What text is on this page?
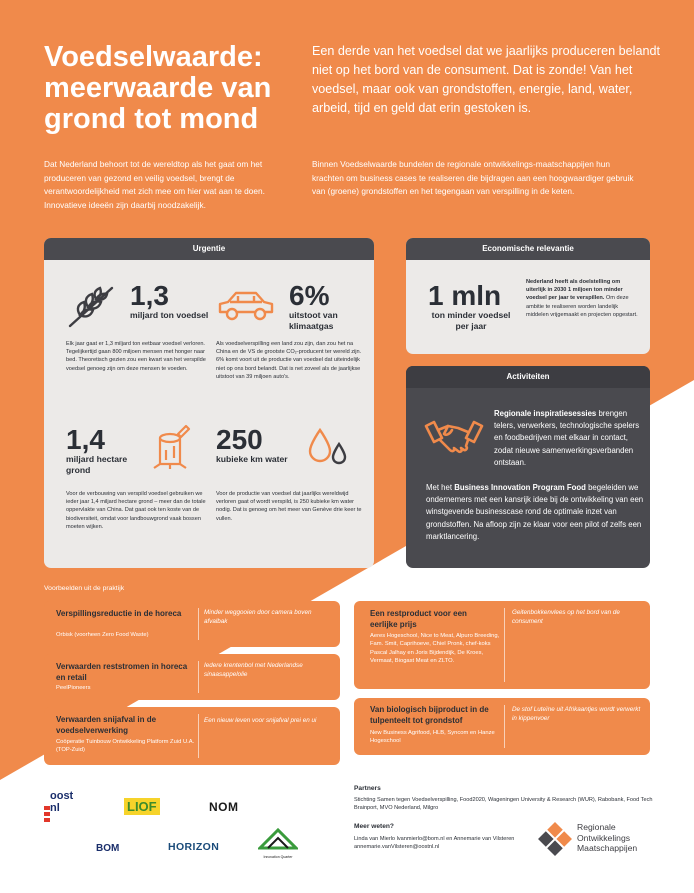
Voedselwaarde: meerwaarde van grond tot mond
Een derde van het voedsel dat we jaarlijks produceren belandt niet op het bord van de consument. Dat is zonde! Van het voedsel, maar ook van grondstoffen, energie, land, water, arbeid, tijd en geld dat erin gestoken is.
Dat Nederland behoort tot de wereldtop als het gaat om het produceren van gezond en veilig voedsel, brengt de verantwoordelijkheid met zich mee om hier wat aan te doen. Innovatieve ideeën zijn daarbij noodzakelijk.
Binnen Voedselwaarde bundelen de regionale ontwikkelings-maatschappijen hun krachten om business cases te realiseren die bijdragen aan een hoogwaardiger gebruik van (groene) grondstoffen en het tegengaan van verspilling in de keten.
Urgentie
1,3
miljard ton voedsel
Elk jaar gaat er 1,3 miljard ton eetbaar voedsel verloren. Tegelijkertijd gaan 800 miljoen mensen met honger naar bed. Theoretisch gezien zou een kwart van het verspilde voedsel genoeg zijn om deze mensen te voeden.
6%
uitstoot van klimaatgas
Als voedselverspilling een land zou zijn, dan zou het na China en de VS de grootste CO₂-producent ter wereld zijn. 6% komt voort uit de productie van voedsel dat uiteindelijk niet op ons bord belandt. Dat is net zoveel als de jaarlijkse uitstoot van 39 miljoen auto's.
1,4
miljard hectare grond
Voor de verbouwing van verspild voedsel gebruiken we ieder jaar 1,4 miljard hectare grond – meer dan de totale oppervlakte van China. Dat gaat ook ten koste van de biodiversiteit, omdat voor landbouwgrond vaak bossen moeten wijken.
250
kubieke km water
Voor de productie van voedsel dat jaarlijks wereldwijd verloren gaat of wordt verspild, is 250 kubieke km water nodig. Dat is genoeg om het meer van Genève drie keer te vullen.
Economische relevantie
1 mln
ton minder voedsel per jaar
Nederland heeft als doelstelling om uiterlijk in 2030 1 miljoen ton minder voedsel per jaar te verspillen. Om deze ambitie te realiseren worden landelijk middelen vrijgemaakt en projecten opgestart.
Activiteiten
Regionale inspiratiesessies brengen telers, verwerkers, technologische spelers en foodbedrijven met elkaar in contact, zodat nieuwe samenwerkingsverbanden ontstaan.
Met het Business Innovation Program Food begeleiden we ondernemers met een kansrijk idee bij de ontwikkeling van een winstgevende businesscase rond de optimale inzet van grondstoffen. Na afloop zijn ze klaar voor een pilot of zelfs een marktlancering.
Voorbeelden uit de praktijk
Verspillingsreductie in de horeca
Orbisk (voorheen Zero Food Waste)
Minder weggooien door camera boven afvalbak
Verwaarden reststromen in horeca en retail
PeelPioneers
Iedere krentenbol met Nederlandse sinaasappelolie
Verwaarden snijafval in de voedselverwerking
Coöperatie Tuinbouw Ontwikkeling Platform Zuid U.A. (TOP-Zuid)
Een nieuw leven voor snijafval prei en ui
Een restproduct voor een eerlijke prijs
Aeres Hogeschool, Nice to Meat, Alpuro Breeding, Fam. Smit, Caprihoeve, Chiel Pronk, chef-koks Pascal Jalhay en Joris Bijdendijk, De Kroes, Vermaat, Biogast Meat en ZLTO.
Geitenbokkenvlees op het bord van de consument
Van biologisch bijproduct in de tulpenteelt tot grondstof
New Business Agrifood, HLB, Syncom en Hanze Hogeschool
De stof Luteïne uit Afrikaantjes wordt verwerkt in kippenvoer
oost nl	LIOF	NOM
BOM	HORIZON
Innovation Quarter
Partners
Stichting Samen tegen Voedselverspilling, Food2020, Wageningen University & Research (WUR), Rabobank, Food Tech Brainport, MVO Nederland, Milgro
Meer weten?
Linda van Mierlo lvanmierlo@bom.nl en Annemarie van Vilsteren annemarie.vanVilsteren@oostnl.nl
Regionale
Ontwikkelings
Maatschappijen
